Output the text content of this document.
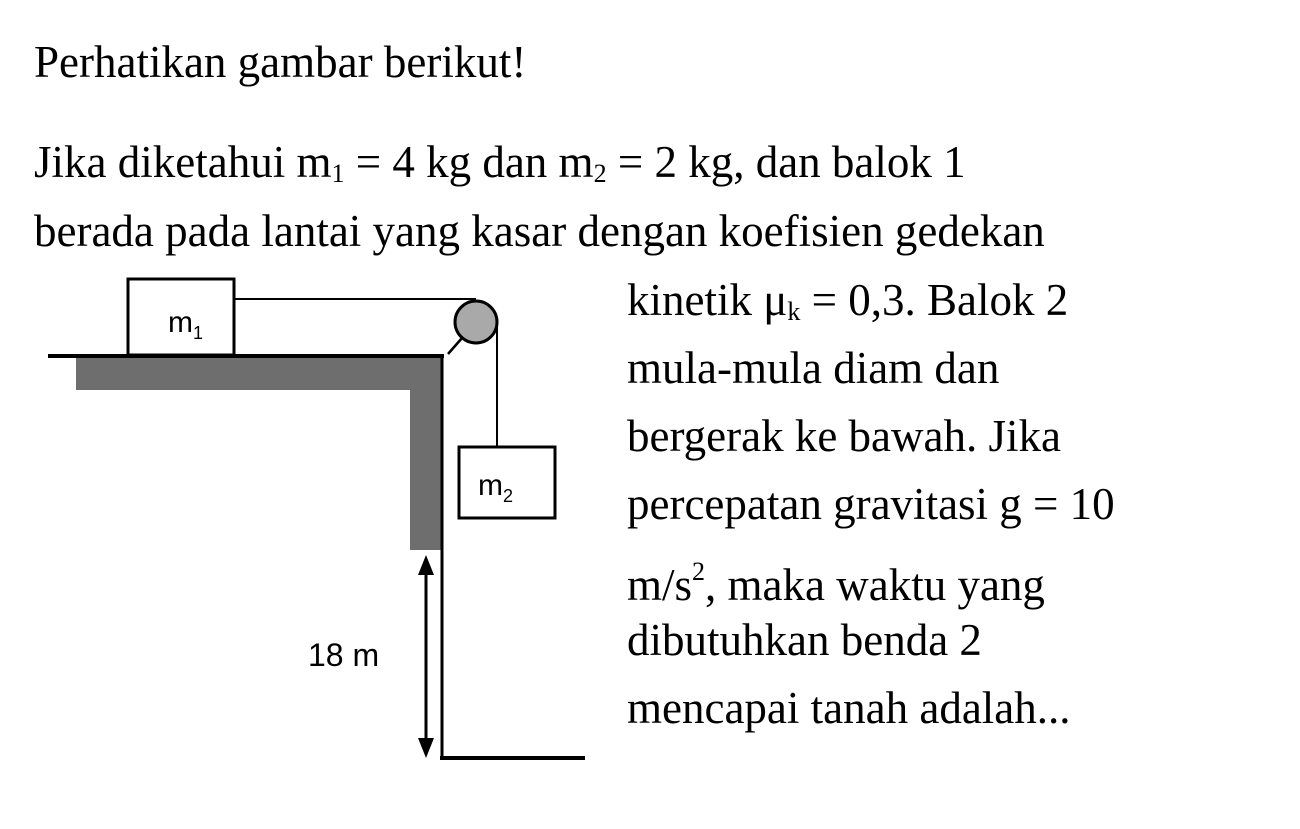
Perhatikan gambar berikut!

Jika diketahui m1 = 4 kg dan m2 = 2 kg, dan balok 1

berada pada lantai yang kasar dengan koefisien gedekan

kinetik μk = 0,3. Balok 2

mula-mula diam dan

bergerak ke bawah. Jika

percepatan gravitasi g = 10

$m/s^2$, maka waktu yang

dibutuhkan benda 2

mencapai tanah adalah...

$m_1$
$m_2$
18 m
